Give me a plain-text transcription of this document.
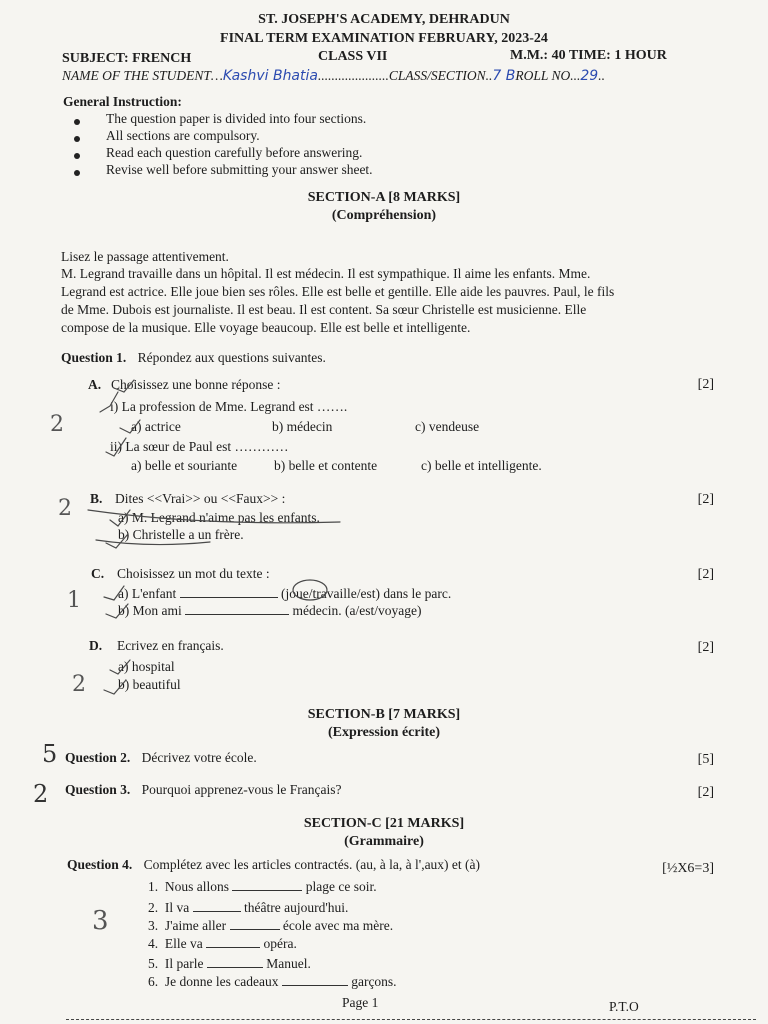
ST. JOSEPH'S ACADEMY, DEHRADUN
FINAL TERM EXAMINATION FEBRUARY, 2023-24
SUBJECT: FRENCH	CLASS VII	M.M.: 40 TIME: 1 HOUR
NAME OF THE STUDENT…Kashvi Bhatia.....................CLASS/SECTION..7 BROLL NO...29..
General Instruction:
The question paper is divided into four sections.
All sections are compulsory.
Read each question carefully before answering.
Revise well before submitting your answer sheet.
SECTION-A [8 MARKS]
(Compréhension)
Lisez le passage attentivement.
M. Legrand travaille dans un hôpital. Il est médecin. Il est sympathique. Il aime les enfants. Mme.
Legrand est actrice. Elle joue bien ses rôles. Elle est belle et gentille. Elle aide les pauvres. Paul, le fils
de Mme. Dubois est journaliste. Il est beau. Il est content. Sa sœur Christelle est musicienne. Elle
compose de la musique. Elle voyage beaucoup. Elle est belle et intelligente.
Question 1. Répondez aux questions suivantes.
A. Choisissez une bonne réponse :	[2]
i) La profession de Mme. Legrand est …….
a) actrice	b) médecin	c) vendeuse
ii) La sœur de Paul est …………
a) belle et souriante	b) belle et contente	c) belle et intelligente.
B. Dites <<Vrai>> ou <<Faux>> :	[2]
a) M. Legrand n'aime pas les enfants.
b) Christelle a un frère.
C. Choisissez un mot du texte :	[2]
a) L'enfant	(joue/travaille/est) dans le parc.
b) Mon ami	médecin. (a/est/voyage)
D. Ecrivez en français.	[2]
a) hospital
b) beautiful
SECTION-B [7 MARKS]
(Expression écrite)
Question 2. Décrivez votre école.	[5]
Question 3. Pourquoi apprenez-vous le Français?	[2]
SECTION-C [21 MARKS]
(Grammaire)
Question 4. Complétez avec les articles contractés. (au, à la, à l',aux) et (à)	[½X6=3]
1. Nous allons	plage ce soir.
2. Il va	théâtre aujourd'hui.
3. J'aime aller	école avec ma mère.
4. Elle va	opéra.
5. Il parle	Manuel.
6. Je donne les cadeaux	garçons.
Page 1	P.T.O
2
2
1
2
5
2
3
